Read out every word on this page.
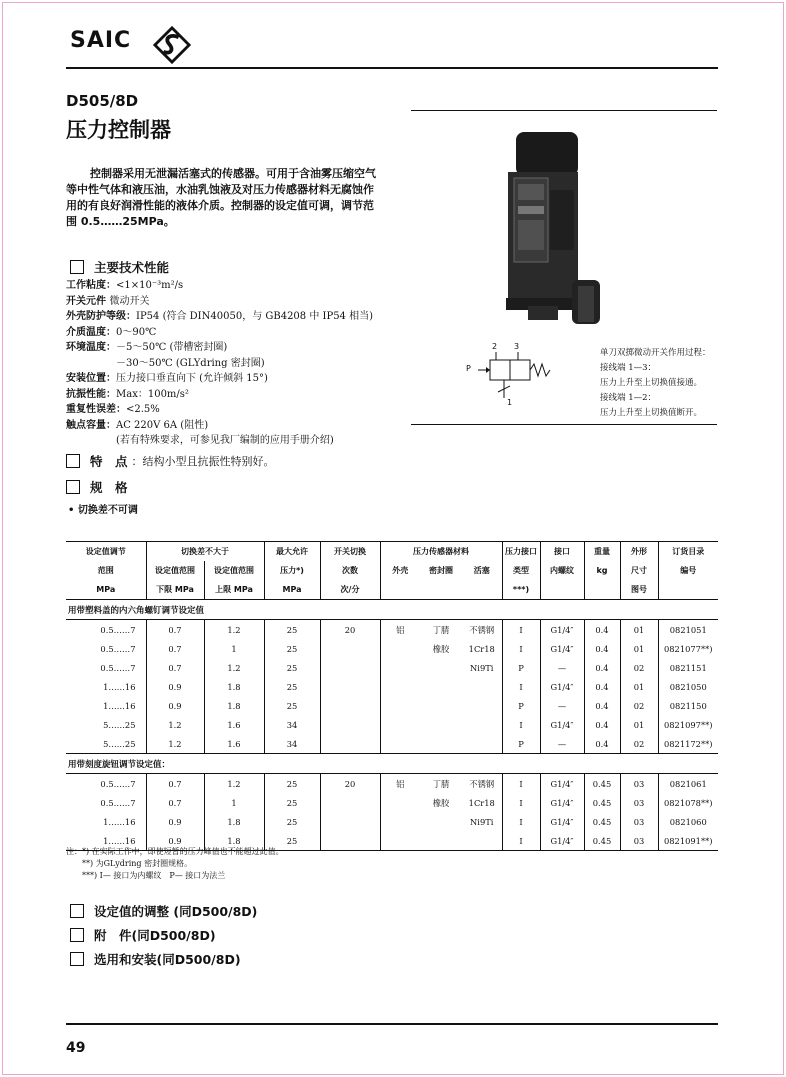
SAIC
D505/8D
压力控制器
控制器采用无泄漏活塞式的传感器。可用于含油雾压缩空气等中性气体和液压油，水油乳蚀液及对压力传感器材料无腐蚀作用的有良好润滑性能的液体介质。控制器的设定值可调，调节范围 0.5……25MPa。
主要技术性能
工作粘度：<1×10⁻³m²/s
开关元件 微动开关
外壳防护等级：IP54 (符合 DIN40050，与 GB4208 中 IP54 相当)
介质温度：0～90℃
环境温度：－5～50℃ (带槽密封圈)
　　　　　－30～50℃ (GLYdring 密封圈)
安装位置：压力接口垂直向下 (允许倾斜 15°)
抗振性能：Max：100m/s²
重复性误差：<2.5%
触点容量：AC 220V 6A (阻性)
　　　　　(若有特殊要求，可参见我厂编制的应用手册介绍)
P
2 3
1
单刀双掷微动开关作用过程：
接线端 1—3：
压力上升至上切换值接通。
接线端 1—2：
压力上升至上切换值断开。
特　点 ：结构小型且抗振性特别好。
规　格
• 切换差不可调
设定值调节	切换差不大于		最大允许	开关切换	压力传感器材料			压力接口	接口	重量	外形	订货目录
范围	设定值范围	设定值范围	压力*)	次数	外壳	密封圈	活塞	类型	内螺纹	kg	尺寸	编号
MPa	下限 MPa	上限 MPa	MPa	次/分				***)			图号	
用带塑料盖的内六角螺钉调节设定值												
0.5……7	0.7	1.2	25	20	铝	丁腈	不锈钢	I	G1/4″	0.4	01	0821051
0.5……7	0.7	1	25			橡胶	1Cr18	I	G1/4″	0.4	01	0821077**)
0.5……7	0.7	1.2	25				Ni9Ti	P	—	0.4	02	0821151
1……16	0.9	1.8	25					I	G1/4″	0.4	01	0821050
1……16	0.9	1.8	25					P	—	0.4	02	0821150
5……25	1.2	1.6	34					I	G1/4″	0.4	01	0821097**)
5……25	1.2	1.6	34					P	—	0.4	02	0821172**)
用带刻度旋钮调节设定值：												
0.5……7	0.7	1.2	25	20	铝	丁腈	不锈钢	I	G1/4″	0.45	03	0821061
0.5……7	0.7	1	25			橡胶	1Cr18	I	G1/4″	0.45	03	0821078**)
1……16	0.9	1.8	25				Ni9Ti	I	G1/4″	0.45	03	0821060
1……16	0.9	1.8	25					I	G1/4″	0.45	03	0821091**)
注：*) 在实际工作中，即使短暂的压力峰值也不能超过此值。
　　**) 为GLydring 密封圈规格。
　　***) I— 接口为内螺纹　P— 接口为法兰
设定值的调整 (同D500/8D)
附　件(同D500/8D)
选用和安装(同D500/8D)
49
